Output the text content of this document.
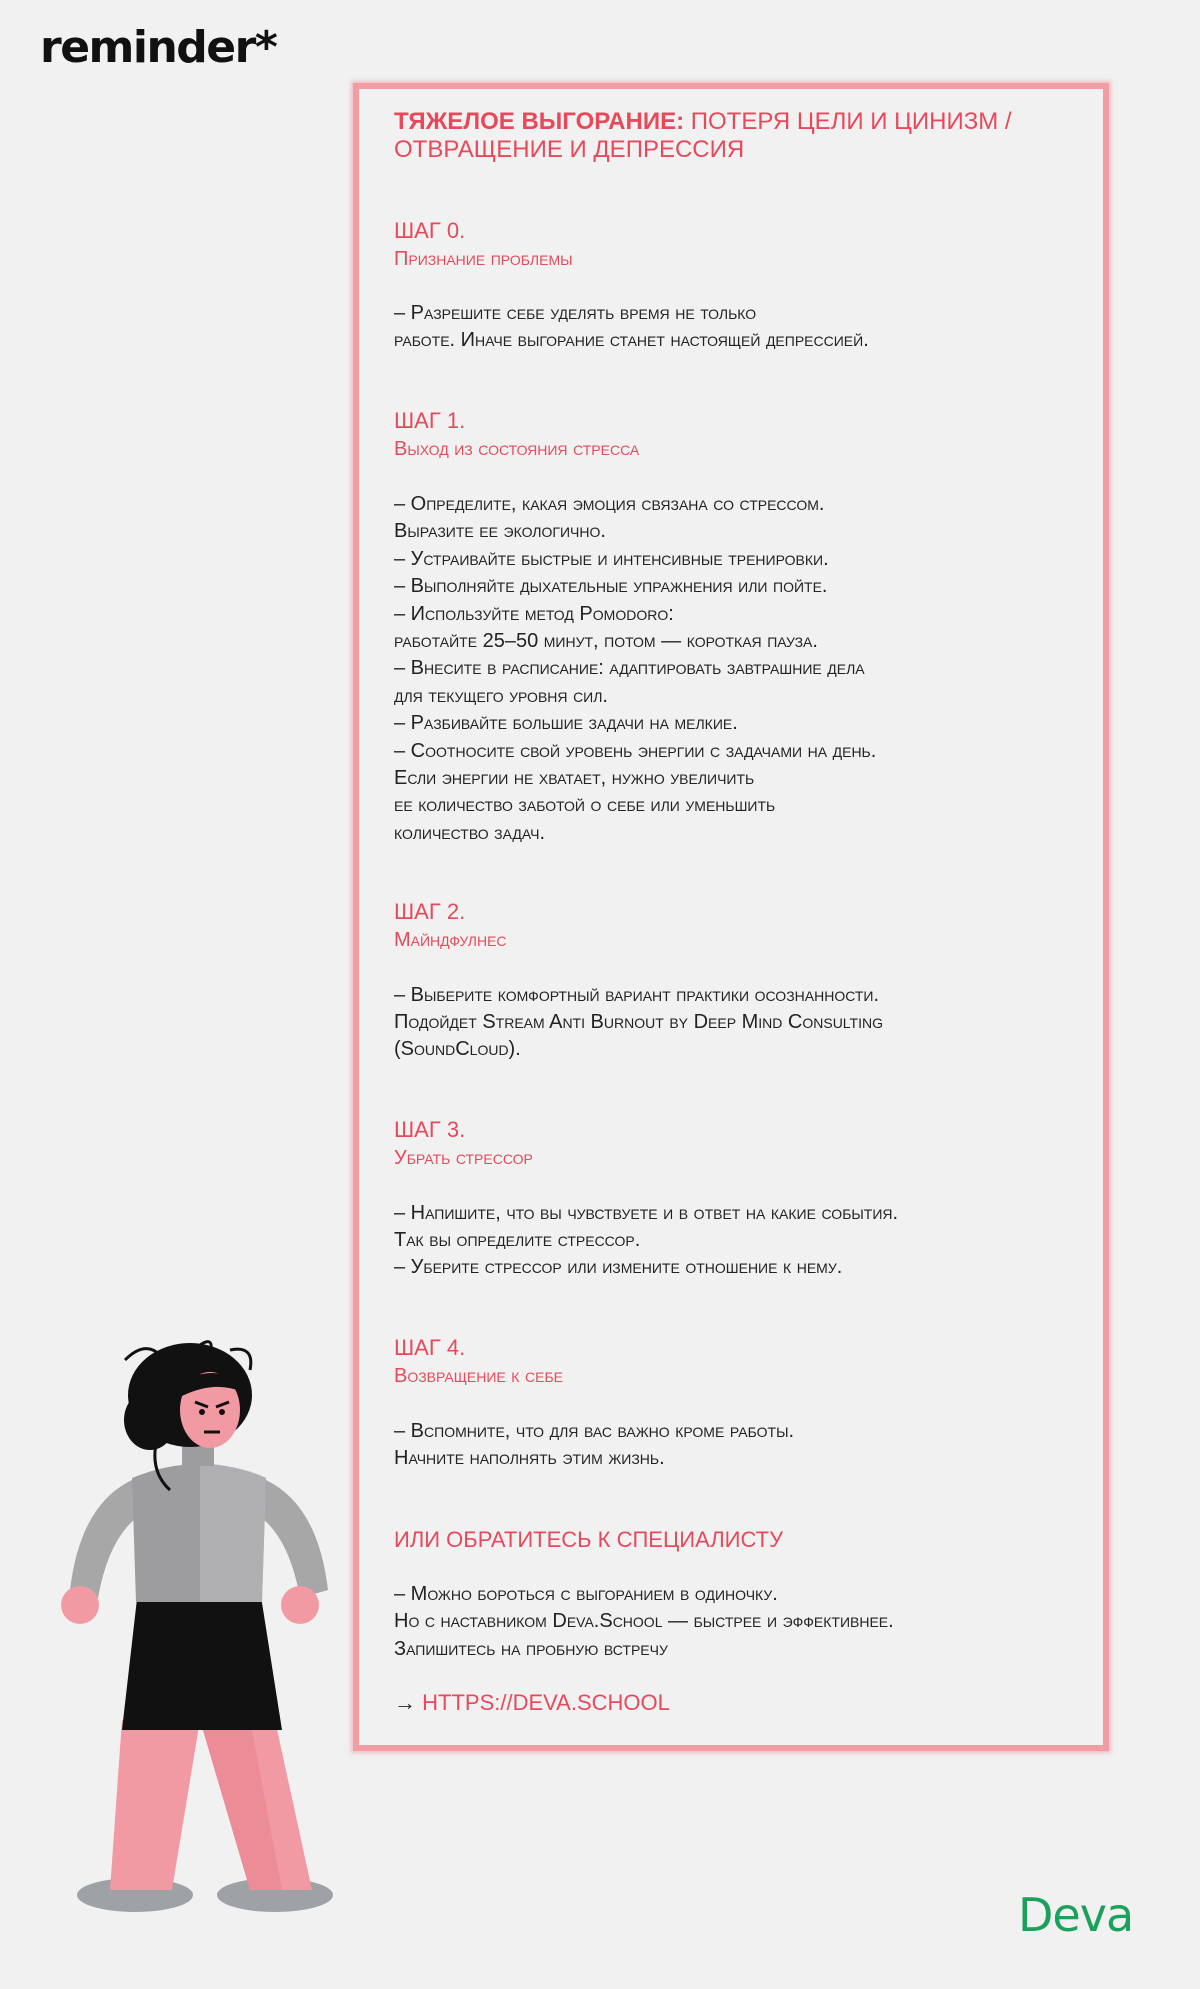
reminder*
ТЯЖЕЛОЕ ВЫГОРАНИЕ: ПОТЕРЯ ЦЕЛИ И ЦИНИЗМ /
ОТВРАЩЕНИЕ И ДЕПРЕССИЯ
ШАГ 0.
Признание проблемы
– Разрешите себе уделять время не только
работе. Иначе выгорание станет настоящей депрессией.
ШАГ 1.
Выход из состояния стресса
– Определите, какая эмоция связана со стрессом.
Выразите ее экологично.
– Устраивайте быстрые и интенсивные тренировки.
– Выполняйте дыхательные упражнения или пойте.
– Используйте метод Pomodoro:
работайте 25–50 минут, потом — короткая пауза.
– Внесите в расписание: адаптировать завтрашние дела
для текущего уровня сил.
– Разбивайте большие задачи на мелкие.
– Соотносите свой уровень энергии с задачами на день.
Если энергии не хватает, нужно увеличить
ее количество заботой о себе или уменьшить
количество задач.
ШАГ 2.
Майндфулнес
– Выберите комфортный вариант практики осознанности.
Подойдет Stream Anti Burnout by Deep Mind Consulting
(SoundCloud).
ШАГ 3.
Убрать стрессор
– Напишите, что вы чувствуете и в ответ на какие события.
Так вы определите стрессор.
– Уберите стрессор или измените отношение к нему.
ШАГ 4.
Возвращение к себе
– Вспомните, что для вас важно кроме работы.
Начните наполнять этим жизнь.
ИЛИ ОБРАТИТЕСЬ К СПЕЦИАЛИСТУ
– Можно бороться с выгоранием в одиночку.
Но с наставником Deva.School — быстрее и эффективнее.
Запишитесь на пробную встречу
→ HTTPS://DEVA.SCHOOL
Deva
